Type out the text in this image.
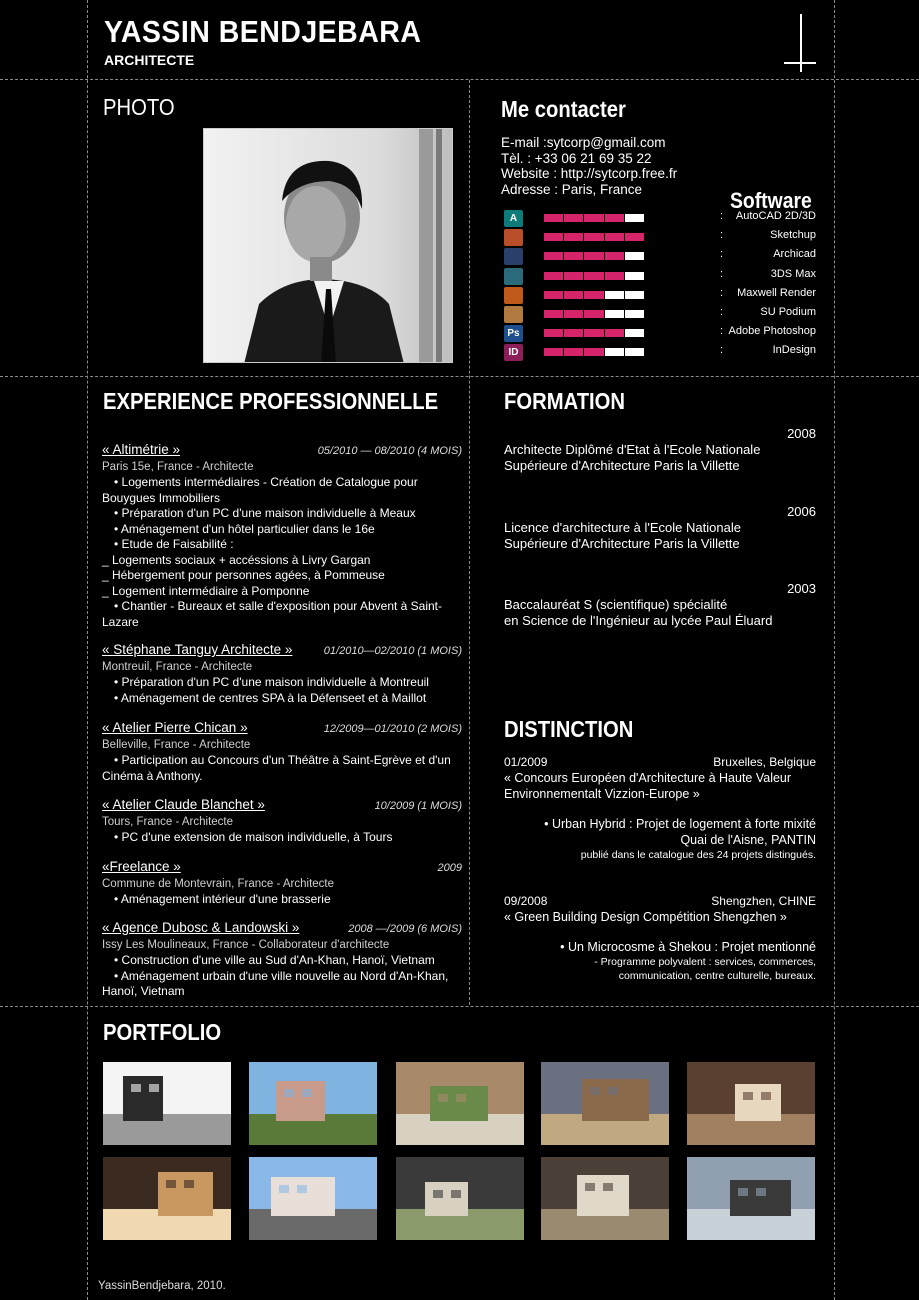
YASSIN BENDJEBARA
ARCHITECTE
PHOTO	Me contacter
E-mail :sytcorp@gmail.com
Tèl. : +33 06 21 69 35 22
Website : http://sytcorp.free.fr
Adresse : Paris, France	Software
A	: AutoCAD 2D/3D
:	Sketchup
:	Archicad
:	3DS Max
: Maxwell Render
:	SU Podium
Ps	: Adobe Photoshop
ID	:	InDesign
EXPERIENCE PROFESSIONNELLE
« Altimétrie »	05/2010 — 08/2010 (4 MOIS)
Paris 15e, France - Architecte
• Logements intermédiaires - Création de Catalogue pour
Bouygues Immobiliers
• Préparation d'un PC d'une maison individuelle à Meaux
• Aménagement d'un hôtel particulier dans le 16e
• Etude de Faisabilité :
_ Logements sociaux + accéssions à Livry Gargan
_ Hébergement pour personnes agées, à Pommeuse
_ Logement intermédiaire à Pomponne
• Chantier - Bureaux et salle d'exposition pour Abvent à Saint-
Lazare
« Stéphane Tanguy Architecte »	01/2010—02/2010 (1 MOIS)
Montreuil, France - Architecte
• Préparation d'un PC d'une maison individuelle à Montreuil
• Aménagement de centres SPA à la Défenseet et à Maillot
« Atelier Pierre Chican »	12/2009—01/2010 (2 MOIS)
Belleville, France - Architecte
• Participation au Concours d'un Théâtre à Saint-Egrève et d'un
Cinéma à Anthony.
« Atelier Claude Blanchet »	10/2009 (1 MOIS)
Tours, France - Architecte
• PC d'une extension de maison individuelle, à Tours
«Freelance »	2009
Commune de Montevrain, France - Architecte
• Aménagement intérieur d'une brasserie
« Agence Dubosc & Landowski »	2008 —/2009 (6 MOIS)
Issy Les Moulineaux, France - Collaborateur d'architecte
• Construction d'une ville au Sud d'An-Khan, Hanoï, Vietnam
• Aménagement urbain d'une ville nouvelle au Nord d'An-Khan,
Hanoï, Vietnam
FORMATION
2008
Architecte Diplômé d'Etat à l'Ecole Nationale
Supérieure d'Architecture Paris la Villette
2006
Licence d'architecture à l'Ecole Nationale
Supérieure d'Architecture Paris la Villette
2003
Baccalauréat S (scientifique) spécialité
en Science de l'Ingénieur au lycée Paul Éluard
DISTINCTION
01/2009	Bruxelles, Belgique
« Concours Européen d'Architecture à Haute Valeur
Environnementalt Vizzion-Europe »
• Urban Hybrid : Projet de logement à forte mixité
Quai de l'Aisne, PANTIN
publié dans le catalogue des 24 projets distingués.
09/2008	Shengzhen, CHINE
« Green Building Design Compétition Shengzhen »
• Un Microcosme à Shekou : Projet mentionné
- Programme polyvalent : services, commerces,
communication, centre culturelle, bureaux.
PORTFOLIO
YassinBendjebara, 2010.
